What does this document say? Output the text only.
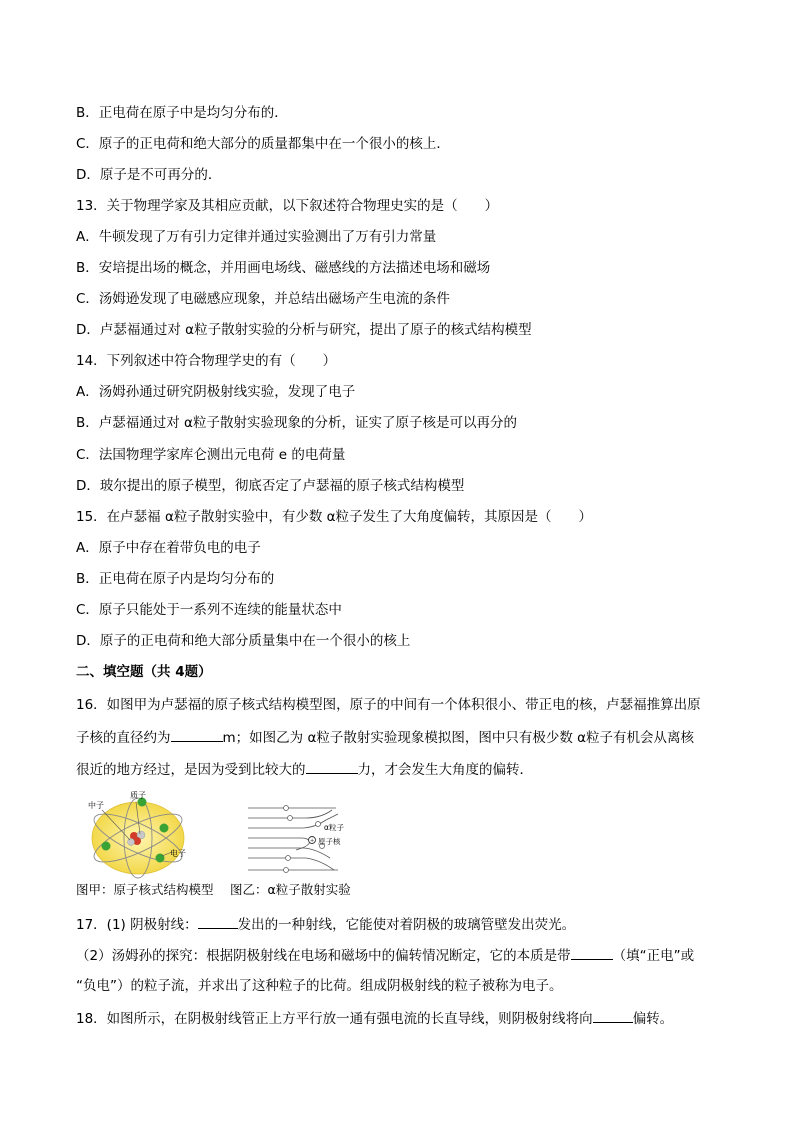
B．正电荷在原子中是均匀分布的．
C．原子的正电荷和绝大部分的质量都集中在一个很小的核上．
D．原子是不可再分的．
13．关于物理学家及其相应贡献，以下叙述符合物理史实的是（　　）
A．牛顿发现了万有引力定律并通过实验测出了万有引力常量
B．安培提出场的概念，并用画电场线、磁感线的方法描述电场和磁场
C．汤姆逊发现了电磁感应现象，并总结出磁场产生电流的条件
D．卢瑟福通过对 α粒子散射实验的分析与研究，提出了原子的核式结构模型
14．下列叙述中符合物理学史的有（　　）
A．汤姆孙通过研究阴极射线实验，发现了电子
B．卢瑟福通过对 α粒子散射实验现象的分析，证实了原子核是可以再分的
C．法国物理学家库仑测出元电荷 e 的电荷量
D．玻尔提出的原子模型，彻底否定了卢瑟福的原子核式结构模型
15．在卢瑟福 α粒子散射实验中，有少数 α粒子发生了大角度偏转，其原因是（　　）
A．原子中存在着带负电的电子
B．正电荷在原子内是均匀分布的
C．原子只能处于一系列不连续的能量状态中
D．原子的正电荷和绝大部分质量集中在一个很小的核上
二、填空题（共 4题）
16．如图甲为卢瑟福的原子核式结构模型图，原子的中间有一个体积很小、带正电的核，卢瑟福推算出原
子核的直径约为	m；如图乙为 α粒子散射实验现象模拟图，图中只有极少数 α粒子有机会从离核
很近的地方经过，是因为受到比较大的	力，才会发生大角度的偏转．
质子
中子
电子
+
α粒子
原子核
图甲：原子核式结构模型 图乙：α粒子散射实验
17．(1) 阴极射线：	发出的一种射线，它能使对着阴极的玻璃管壁发出荧光。
（2）汤姆孙的探究：根据阴极射线在电场和磁场中的偏转情况断定，它的本质是带	（填“正电”或
“负电”）的粒子流，并求出了这种粒子的比荷。组成阴极射线的粒子被称为电子。
18．如图所示，在阴极射线管正上方平行放一通有强电流的长直导线，则阴极射线将向	偏转。
